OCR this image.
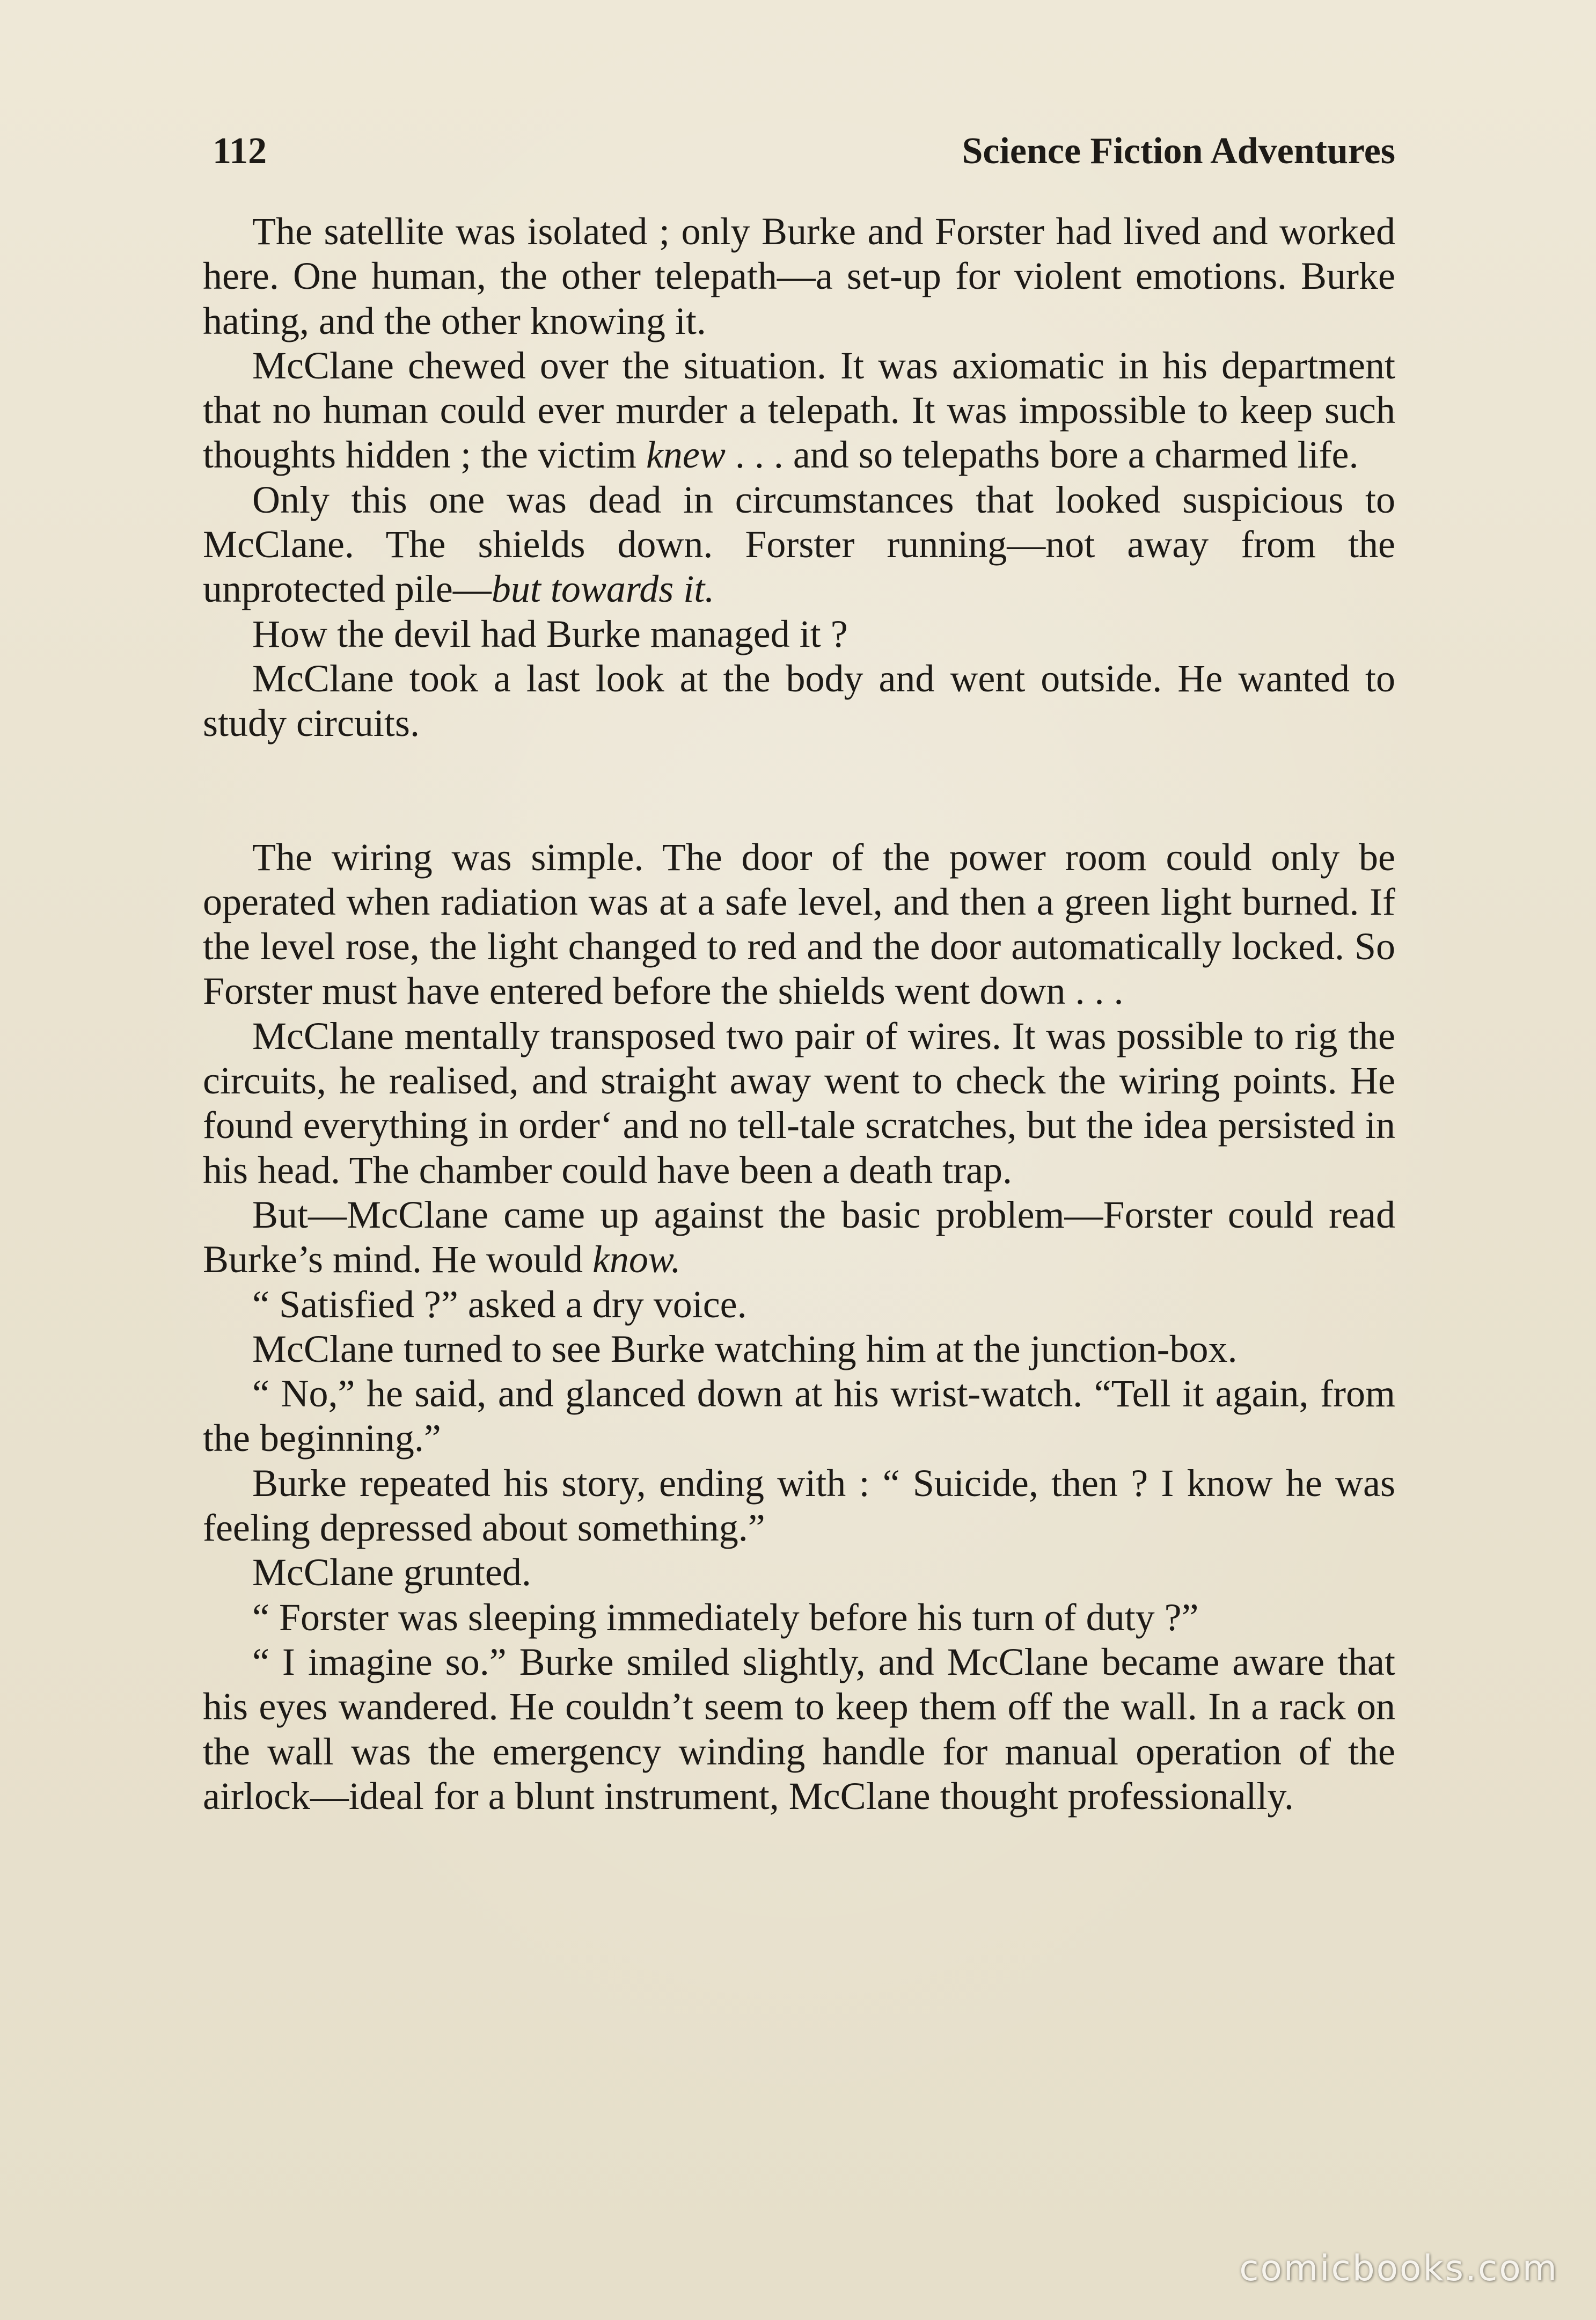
112	Science Fiction Adventures

The satellite was isolated ; only Burke and Forster had lived and worked here. One human, the other telepath—a set-up for violent emotions. Burke hating, and the other knowing it.

McClane chewed over the situation. It was axiomatic in his department that no human could ever murder a telepath. It was impossible to keep such thoughts hidden ; the victim knew . . . and so telepaths bore a charmed life.

Only this one was dead in circumstances that looked suspicious to McClane. The shields down. Forster running—not away from the unprotected pile—but towards it.

How the devil had Burke managed it ?

McClane took a last look at the body and went outside. He wanted to study circuits.

The wiring was simple. The door of the power room could only be operated when radiation was at a safe level, and then a green light burned. If the level rose, the light changed to red and the door automatically locked. So Forster must have entered before the shields went down . . .

McClane mentally transposed two pair of wires. It was possible to rig the circuits, he realised, and straight away went to check the wiring points. He found everything in order‘ and no tell-tale scratches, but the idea persisted in his head. The chamber could have been a death trap.

But—McClane came up against the basic problem—Forster could read Burke’s mind. He would know.

“ Satisfied ?” asked a dry voice.

McClane turned to see Burke watching him at the junction-box.

“ No,” he said, and glanced down at his wrist-watch. “Tell it again, from the beginning.”

Burke repeated his story, ending with : “ Suicide, then ? I know he was feeling depressed about something.”

McClane grunted.

“ Forster was sleeping immediately before his turn of duty ?”

“ I imagine so.” Burke smiled slightly, and McClane became aware that his eyes wandered. He couldn’t seem to keep them off the wall. In a rack on the wall was the emergency winding handle for manual operation of the airlock—ideal for a blunt instrument, McClane thought professionally.

comicbooks.com
